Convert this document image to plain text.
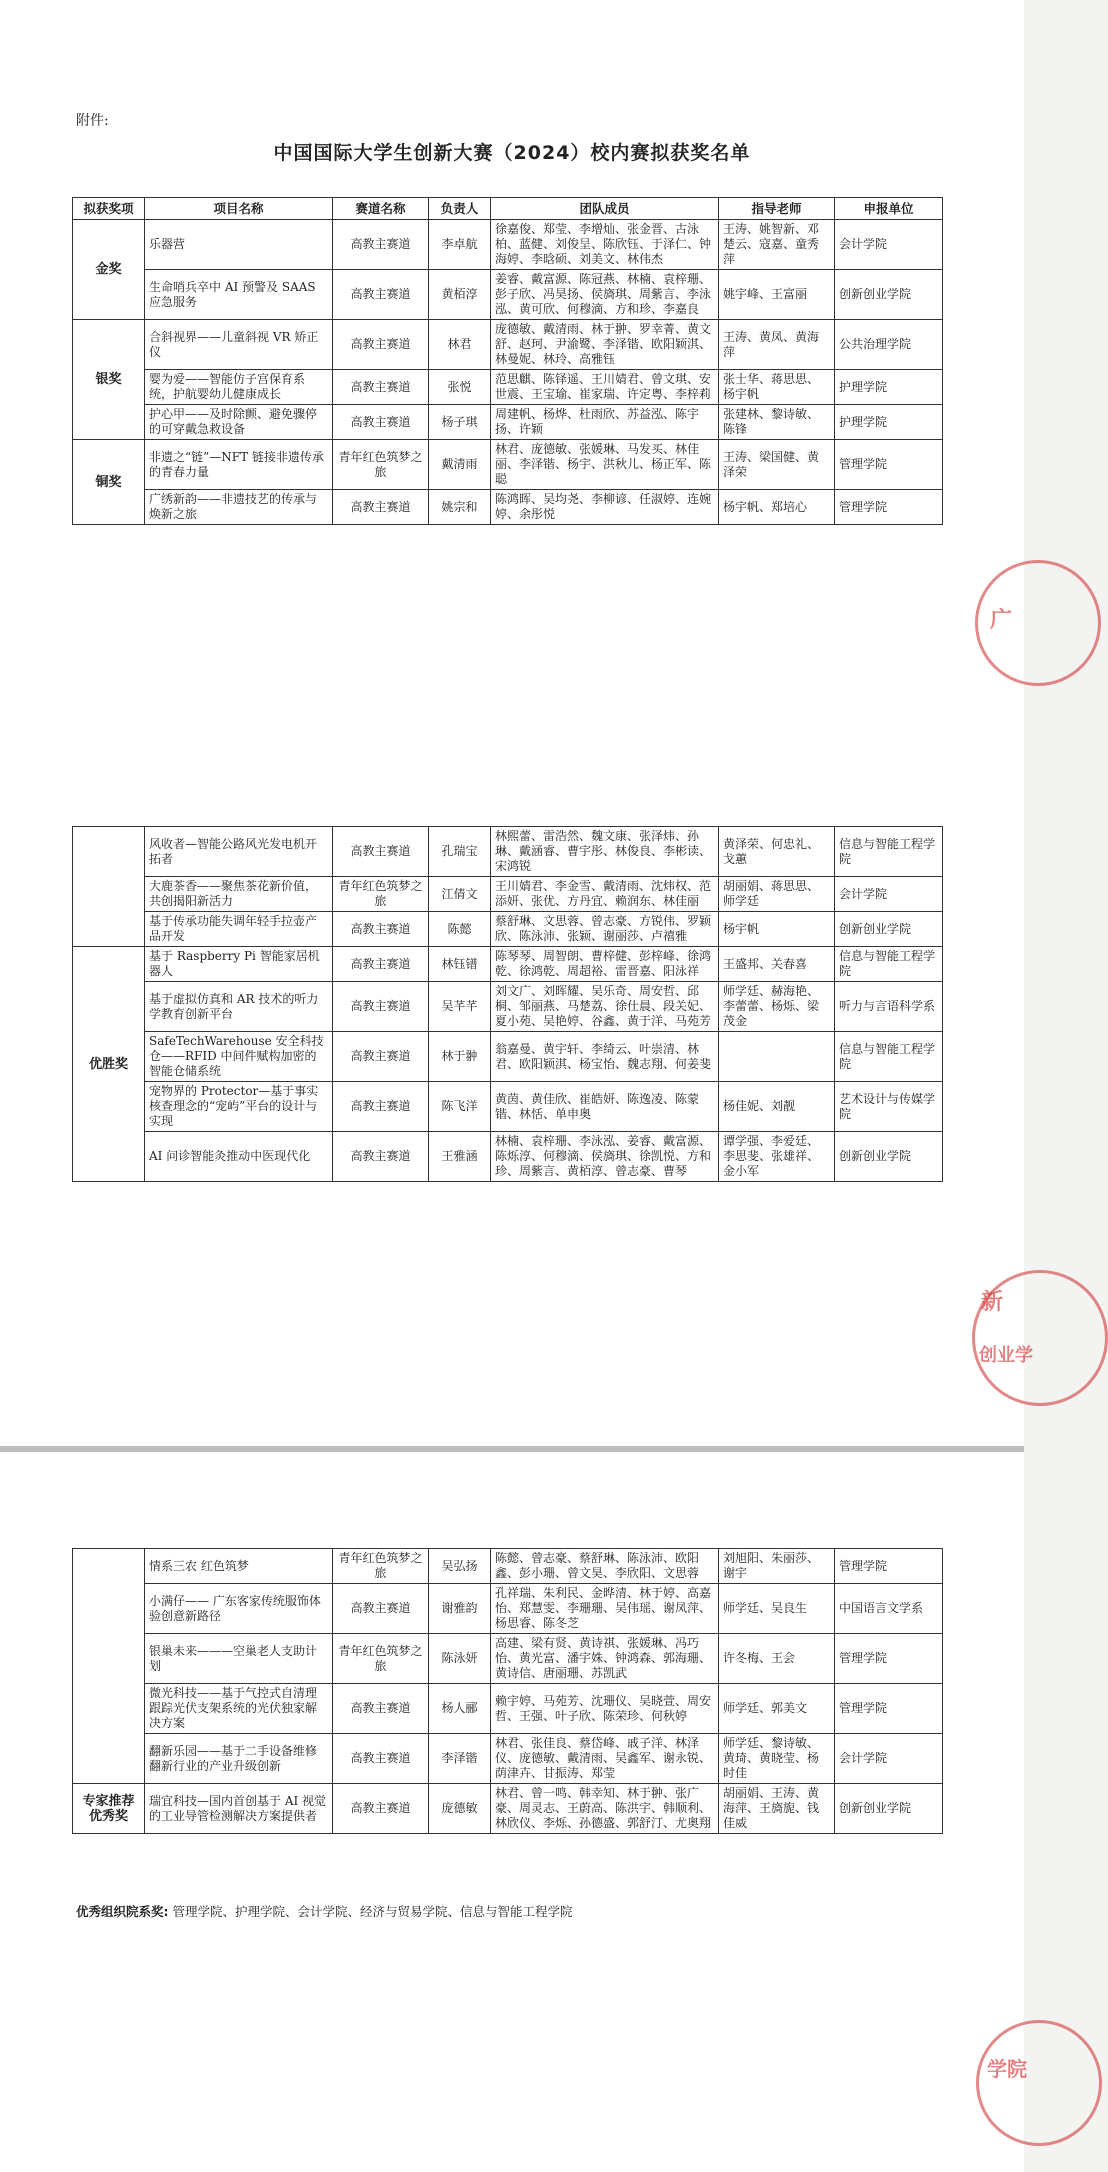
附件:
中国国际大学生创新大赛（2024）校内赛拟获奖名单
拟获奖项	项目名称	赛道名称	负责人	团队成员	指导老师	申报单位
金奖	乐器营	高教主赛道	李卓航	徐嘉俊、郑莹、李增灿、张金晋、古泳柏、蓝健、刘俊呈、陈欣钰、于泽仁、钟海婷、李晗硕、刘美文、林伟杰	王涛、姚智新、邓楚云、寇嘉、童秀萍	会计学院
	生命哨兵卒中 AI 预警及 SAAS 应急服务	高教主赛道	黄栢淳	姜睿、戴富源、陈冠燕、林楠、袁梓珊、彭子欣、冯昊扬、侯旖琪、周紫言、李泳泓、黄可欣、何穆滴、方和珍、李嘉良	姚宇峰、王富丽	创新创业学院
银奖	合斜视界——儿童斜视 VR 矫正仪	高教主赛道	林君	庞德敏、戴清雨、林于翀、罗幸菁、黄文舒、赵珂、尹渝鹭、李泽锴、欧阳颖淇、林曼妮、林玲、高雅钰	王涛、黄凤、黄海萍	公共治理学院
	婴为爱——智能仿子宫保育系统，护航婴幼儿健康成长	高教主赛道	张悦	范思麒、陈铎遥、王川婧君、曾文琪、安世震、王宝瑜、崔家瑞、许定粤、李梓莉	张士华、蒋思思、杨宇帆	护理学院
	护心甲——及时除颤、避免骤停的可穿戴急救设备	高教主赛道	杨子琪	周建帆、杨烨、杜雨欣、苏益泓、陈宇扬、许颖	张建林、黎诗敏、陈锋	护理学院
铜奖	非遗之“链”—NFT 链接非遗传承的青春力量	青年红色筑梦之旅	戴清雨	林君、庞德敏、张媛琳、马发买、林佳丽、李泽锴、杨宇、洪秋儿、杨正军、陈聪	王涛、梁国健、黄泽荣	管理学院
	广绣新韵——非遗技艺的传承与焕新之旅	高教主赛道	姚宗和	陈鸿晖、吴均尧、李柳谚、任淑婷、连婉婷、余彤悦	杨宇帆、郑培心	管理学院
	风收者—智能公路风光发电机开拓者	高教主赛道	孔瑞宝	林熙蕾、雷浩然、魏文康、张泽炜、孙琳、戴涵睿、曹宇彤、林俊良、李彬读、宋鸿锐	黄泽荣、何忠礼、戈蕙	信息与智能工程学院
	大鹿茶香——聚焦茶花新价值，共创揭阳新活力	青年红色筑梦之旅	江倩文	王川婧君、李金雪、戴清雨、沈炜权、范添妍、张优、方丹宜、赖润东、林佳丽	胡丽娟、蒋思思、师学廷	会计学院
	基于传承功能失调年轻手拉壶产品开发	高教主赛道	陈懿	蔡舒琳、文思蓉、曾志豪、方锐伟、罗颖欣、陈泳沛、张颖、谢丽莎、卢禧雅	杨宇帆	创新创业学院
优胜奖	基于 Raspberry Pi 智能家居机器人	高教主赛道	林钰镨	陈琴琴、周智朗、曹梓健、彭梓峰、徐鸿乾、徐鸿乾、周超裕、雷晋嘉、阳泳祥	王盛邦、关春喜	信息与智能工程学院
	基于虚拟仿真和 AR 技术的听力学教育创新平台	高教主赛道	吴芊芊	刘文广、刘晖耀、吴乐奇、周安哲、邱桐、邹丽燕、马楚荔、徐仕晨、段关妃、夏小苑、吴艳婷、谷鑫、黄于洋、马苑芳	师学廷、赫海艳、李蕾蕾、杨烁、梁茂金	听力与言语科学系
	SafeTechWarehouse 安全科技仓——RFID 中间件赋构加密的智能仓储系统	高教主赛道	林于翀	翁嘉曼、黄宇轩、李绮云、叶崇清、林君、欧阳颖淇、杨宝怡、魏志翔、何姜斐		信息与智能工程学院
	宠物界的 Protector—基于事实核查理念的“宠屿”平台的设计与实现	高教主赛道	陈飞洋	黄茵、黄佳欣、崔皓妍、陈逸凌、陈蒙锴、林恬、单申奥	杨佳妮、刘靓	艺术设计与传媒学院
	AI 问诊智能灸推动中医现代化	高教主赛道	王雅涵	林楠、袁梓珊、李泳泓、姜睿、戴富源、陈烁淳、何穆滴、侯旖琪、徐凯悦、方和珍、周紫言、黄栢淳、曾志豪、曹琴	谭学强、李爱廷、李思斐、张雄祥、金小军	创新创业学院
	情系三农 红色筑梦	青年红色筑梦之旅	吴弘扬	陈懿、曾志豪、蔡舒琳、陈泳沛、欧阳鑫、彭小珊、曾文昊、李欣阳、文思蓉	刘旭阳、朱丽莎、谢宇	管理学院
	小满仔—— 广东客家传统服饰体验创意新路径	高教主赛道	谢雅韵	孔祥瑞、朱利民、金晔清、林于婷、高嘉怡、郑慧雯、李珊珊、吴伟瑶、谢凤萍、杨思睿、陈冬芝	师学廷、吴良生	中国语言文学系
	银巢未来———空巢老人支助计划	青年红色筑梦之旅	陈泳妍	高建、梁有贤、黄诗祺、张媛琳、冯巧怡、黄光富、潘宇姝、钟鸿森、郭海珊、黄诗信、唐丽珊、苏凯武	许冬梅、王会	管理学院
	微光科技——基于气控式自清理跟踪光伏支架系统的光伏独家解决方案	高教主赛道	杨人郦	赖宇婷、马苑芳、沈珊仪、吴晓萱、周安哲、王强、叶子欣、陈荣珍、何秋婷	师学廷、郭美文	管理学院
	翻新乐园——基于二手设备维修翻新行业的产业升级创新	高教主赛道	李泽锴	林君、张佳良、蔡岱峰、戚子洋、林泽仪、庞德敏、戴清雨、吴鑫军、谢永锐、荫津卉、甘振涛、郑莹	师学廷、黎诗敏、黄琦、黄晓莹、杨时佳	会计学院
专家推荐优秀奖	瑞宜科技—国内首创基于 AI 视觉的工业导管检测解决方案提供者	高教主赛道	庞德敏	林君、曾一鸣、韩幸知、林于翀、张广豪、周灵志、王蔚高、陈洪宇、韩顺利、林欣仪、李烁、孙德盛、郭舒汀、尤奥翔	胡丽娟、王涛、黄海萍、王旖旎、钱佳威	创新创业学院
优秀组织院系奖: 管理学院、护理学院、会计学院、经济与贸易学院、信息与智能工程学院
广
新
创业学
学院
